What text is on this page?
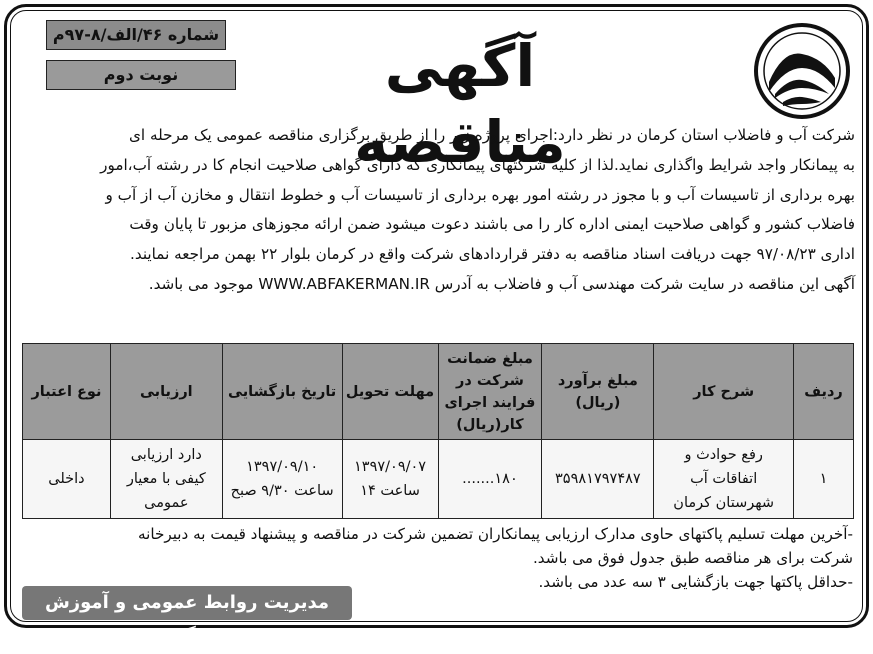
آگهی مناقصه
شماره ۴۶/الف/۸-۹۷م
نوبت دوم

شرکت آب و فاضلاب استان کرمان در نظر دارد:اجرای پروژه زیر را از طریق برگزاری مناقصه عمومی یک مرحله ای

به پیمانکار واجد شرایط واگذاری نماید.لذا از کلیه شرکتهای پیمانکاری که دارای گواهی صلاحیت انجام کا در رشته آب،امور

بهره برداری از تاسیسات آب و با مجوز در رشته امور بهره برداری از تاسیسات آب و خطوط انتقال و مخازن آب از آب و

فاضلاب کشور و گواهی صلاحیت ایمنی اداره کار را می باشند دعوت میشود ضمن ارائه مجوزهای مزبور تا پایان وقت

اداری ۹۷/۰۸/۲۳ جهت دریافت اسناد مناقصه به دفتر قراردادهای شرکت واقع در کرمان بلوار ۲۲ بهمن مراجعه نمایند.

آگهی این مناقصه در سایت شرکت مهندسی آب و فاضلاب به آدرس WWW.ABFAKERMAN.IR موجود می باشد.

ردیف	شرح کار	مبلغ برآورد (ریال)	مبلغ ضمانت شرکت در فرایند اجرای کار(ریال)	مهلت تحویل	تاریخ بازگشایی	ارزیابی	نوع اعتبار
۱	رفع حوادث و اتفاقات آب شهرستان کرمان	۳۵۹۸۱۷۹۷۴۸۷	۱۸۰.......	۱۳۹۷/۰۹/۰۷ ساعت ۱۴	۱۳۹۷/۰۹/۱۰ ساعت ۹/۳۰ صبح	دارد ارزیابی کیفی با معیار عمومی	داخلی

-آخرین مهلت تسلیم پاکتهای حاوی مدارک ارزیابی پیمانکاران تضمین شرکت در مناقصه و پیشنهاد قیمت به دبیرخانه

شرکت برای هر مناقصه طبق جدول فوق می باشد.

-حداقل پاکتها جهت بازگشایی ۳ سه عدد می باشد.

مدیریت روابط عمومی و آموزش همگانی
